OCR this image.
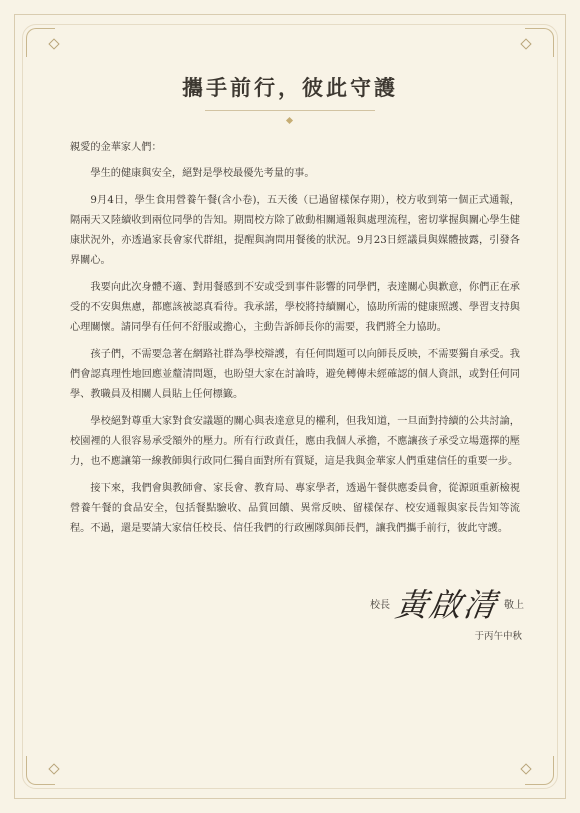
攜手前行，彼此守護

親愛的金華家人們：

學生的健康與安全，絕對是學校最優先考量的事。

9月4日，學生食用營養午餐(含小卷)，五天後（已過留樣保存期），校方收到第一個正式通報，隔兩天又陸續收到兩位同學的告知。期間校方除了啟動相關通報與處理流程，密切掌握與關心學生健康狀況外，亦透過家長會家代群組，提醒與詢問用餐後的狀況。9月23日經議員與媒體披露，引發各界關心。

我要向此次身體不適、對用餐感到不安或受到事件影響的同學們，表達關心與歉意，你們正在承受的不安與焦慮，都應該被認真看待。我承諾，學校將持續關心，協助所需的健康照護、學習支持與心理關懷。請同學有任何不舒服或擔心，主動告訴師長你的需要，我們將全力協助。

孩子們，不需要急著在網路社群為學校辯護，有任何問題可以向師長反映，不需要獨自承受。我們會認真理性地回應並釐清問題，也盼望大家在討論時，避免轉傳未經確認的個人資訊，或對任何同學、教職員及相關人員貼上任何標籤。

學校絕對尊重大家對食安議題的關心與表達意見的權利，但我知道，一旦面對持續的公共討論，校園裡的人很容易承受額外的壓力。所有行政責任，應由我個人承擔，不應讓孩子承受立場選擇的壓力，也不應讓第一線教師與行政同仁獨自面對所有質疑，這是我與金華家人們重建信任的重要一步。

接下來，我們會與教師會、家長會、教育局、專家學者，透過午餐供應委員會，從源頭重新檢視營養午餐的食品安全，包括餐點驗收、品質回饋、異常反映、留樣保存、校安通報與家長告知等流程。不過，還是要請大家信任校長、信任我們的行政團隊與師長們，讓我們攜手前行，彼此守護。

校長 黃啟清 敬上
于丙午中秋
